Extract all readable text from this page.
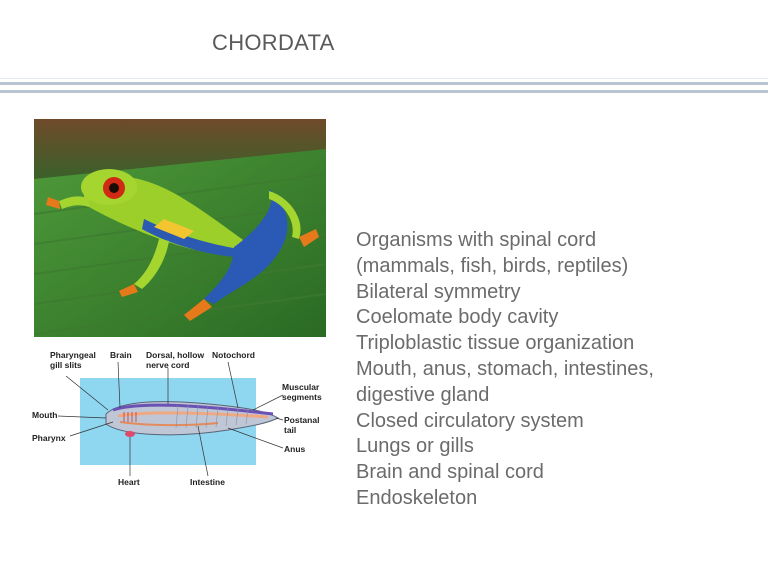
CHORDATA
Pharyngeal
gill slits
Brain Dorsal, hollow
nerve cord
Notochord
Muscular
segments
Mouth
Pharynx
Postanal
tail
Anus
Heart	Intestine
Organisms with spinal cord
(mammals, fish, birds, reptiles)
Bilateral symmetry
Coelomate body cavity
Triploblastic tissue organization
Mouth, anus, stomach, intestines,
digestive gland
Closed circulatory system
Lungs or gills
Brain and spinal cord
Endoskeleton
